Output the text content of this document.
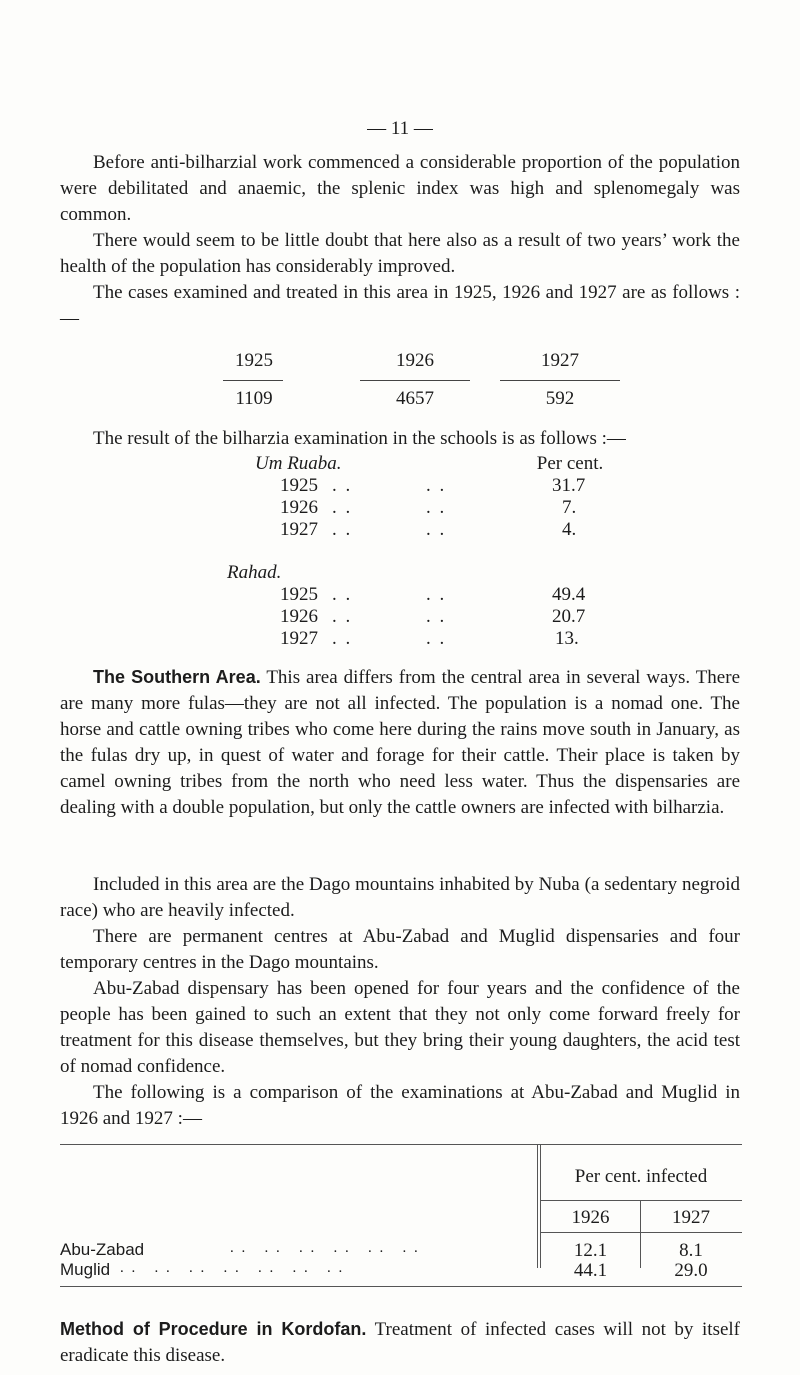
— 11 —

Before anti-bilharzial work commenced a considerable proportion of the population were debilitated and anaemic, the splenic index was high and splenomegaly was common.

There would seem to be little doubt that here also as a result of two years’ work the health of the population has considerably improved.

The cases examined and treated in this area in 1925, 1926 and 1927 are as follows :—

1925	1926	1927
1109	4657	592

The result of the bilharzia examination in the schools is as follows :—

Um Ruaba.	Per cent.
1925 . .	. .	31.7
1926 . .	. .	7.
1927 . .	. .	4.
Rahad.
1925 . .	. .	49.4
1926 . .	. .	20.7
1927 . .	. .	13.

The Southern Area. This area differs from the central area in several ways. There are many more fulas—they are not all infected. The population is a nomad one. The horse and cattle owning tribes who come here during the rains move south in January, as the fulas dry up, in quest of water and forage for their cattle. Their place is taken by camel owning tribes from the north who need less water. Thus the dispensaries are dealing with a double population, but only the cattle owners are infected with bilharzia.

Included in this area are the Dago mountains inhabited by Nuba (a sedentary negroid race) who are heavily infected.

There are permanent centres at Abu-Zabad and Muglid dispensaries and four temporary centres in the Dago mountains.

Abu-Zabad dispensary has been opened for four years and the confidence of the people has been gained to such an extent that they not only come forward freely for treatment for this disease themselves, but they bring their young daughters, the acid test of nomad confidence.

The following is a comparison of the examinations at Abu-Zabad and Muglid in 1926 and 1927 :—

Per cent. infected
1926	1927
Abu-Zabad	. .   . .   . .   . .   . .   . .	12.1	8.1
Muglid . .   . .   . .   . .   . .   . .   . .	44.1	29.0

Method of Procedure in Kordofan. Treatment of infected cases will not by itself eradicate this disease.
